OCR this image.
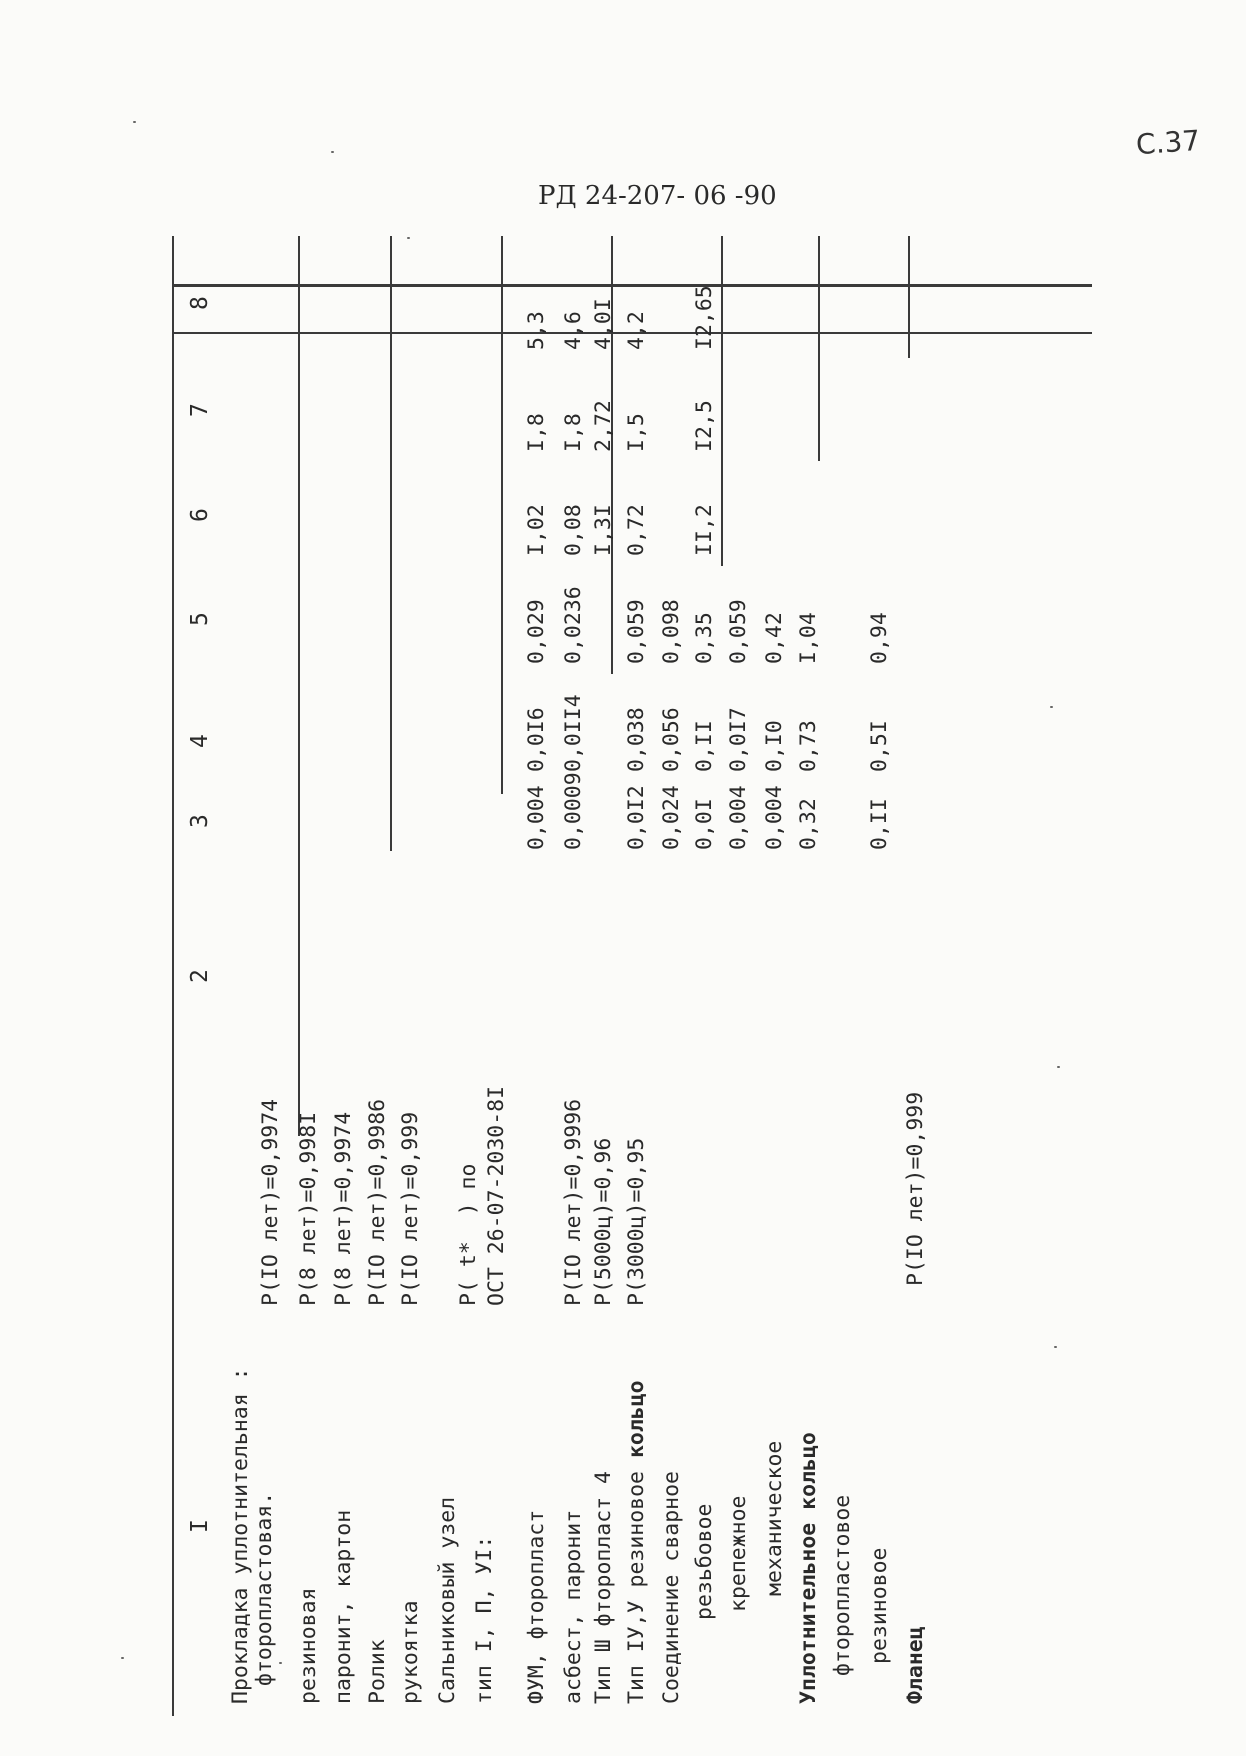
С.37
РД 24-207- 06 -90
I
2
3
4
5
6
7
8
Прокладка уплотнительная : фторопластовая.
P(IO лет)=0,9974
резиновая
P(8 лет)=0,998I
паронит, картон
P(8 лет)=0,9974
Ролик
P(IO лет)=0,9986
рукоятка
P(IO лет)=0,999
Сальниковый узел тип I, П, УI:
P( t*  ) по ОСТ 26-07-2030-8I
ФУМ, фторопласт
0,004
0,0I6
0,029
I,02
I,8
5,3
асбест, паронит
P(IO лет)=0,9996
0,0009
0,0II4
0,0236
0,08
I,8
4,6
Тип Ш фторопласт 4
P(5000ц)=0,96
I,3I
2,72
4,0I
Тип IУ,У резиновое кольцо
P(3000ц)=0,95
0,0I2
0,038
0,059
0,72
I,5
4,2
Соединение сварное
0,024
0,056
0,098
резьбовое
0,0I
0,II
0,35
II,2
I2,5
I2,65
крепежное
0,004
0,0I7
0,059
механическое
0,004
0,I0
0,42
Уплотнительное кольцо
0,32
0,73
I,04
фторопластовое резиновое
0,II
0,5I
0,94
Фланец
P(IO лет)=0,999
